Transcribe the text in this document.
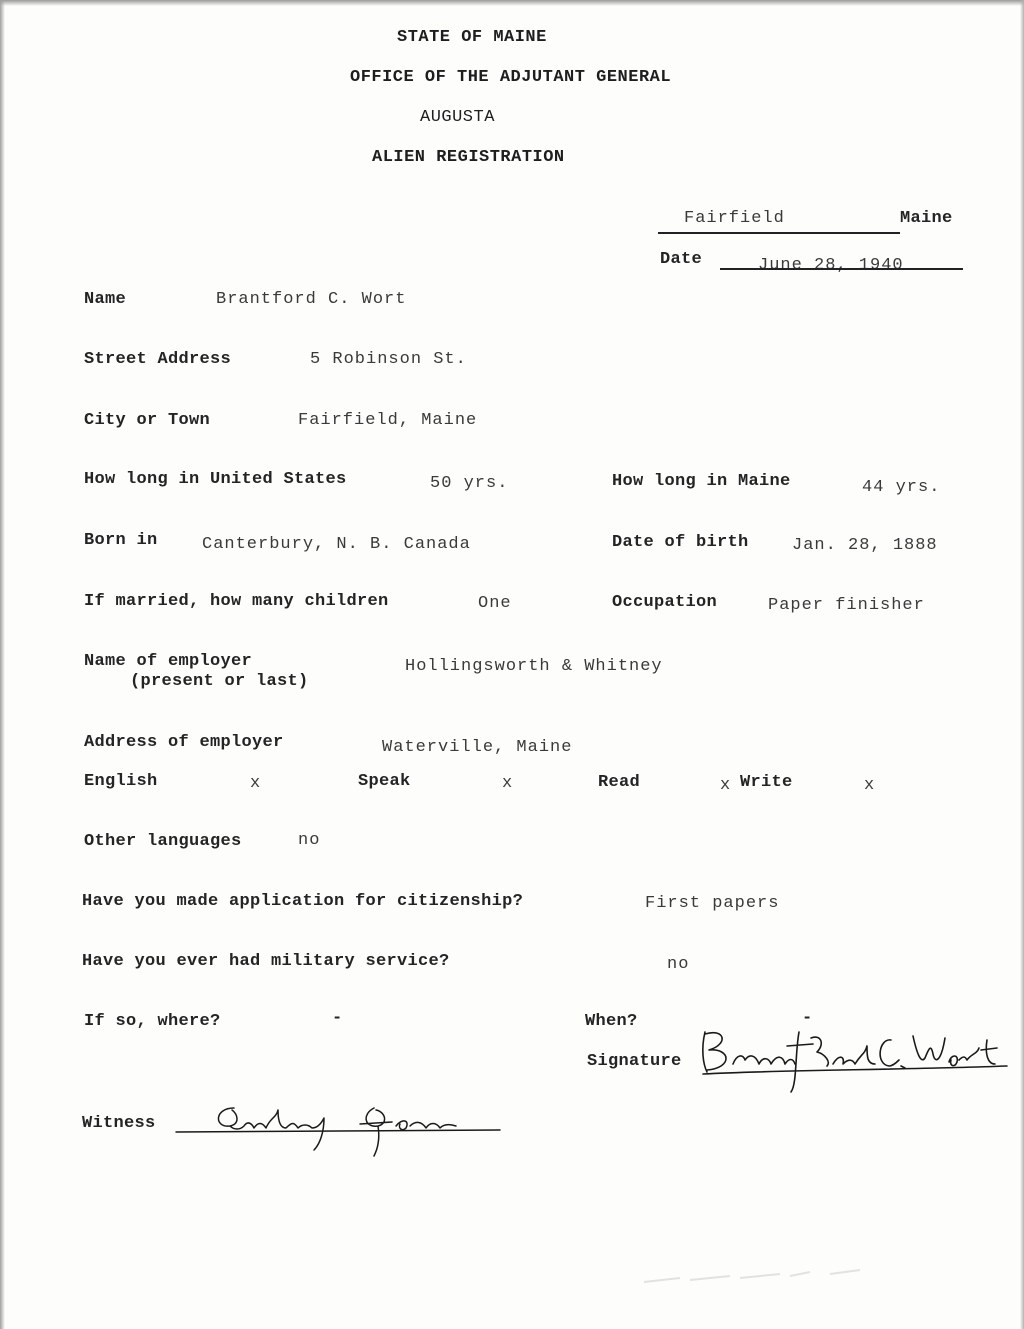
STATE OF MAINE
OFFICE OF THE ADJUTANT GENERAL
AUGUSTA
ALIEN REGISTRATION
Fairfield	Maine
Date	June 28, 1940
Name	Brantford C. Wort
Street Address	5 Robinson St.
City or Town	Fairfield, Maine
How long in United States	50 yrs.	How long in Maine	44 yrs.
Born in	Canterbury, N. B. Canada	Date of birth	Jan. 28, 1888
If married, how many children	One	Occupation	Paper finisher
Name of employer
(present or last)
Hollingsworth & Whitney
Address of employer	Waterville, Maine
English	x	Speak	x	Read	x Write	x
Other languages	no
Have you made application for citizenship?	First papers
Have you ever had military service?	no
If so, where?	-	When?	-
Signature
Witness
